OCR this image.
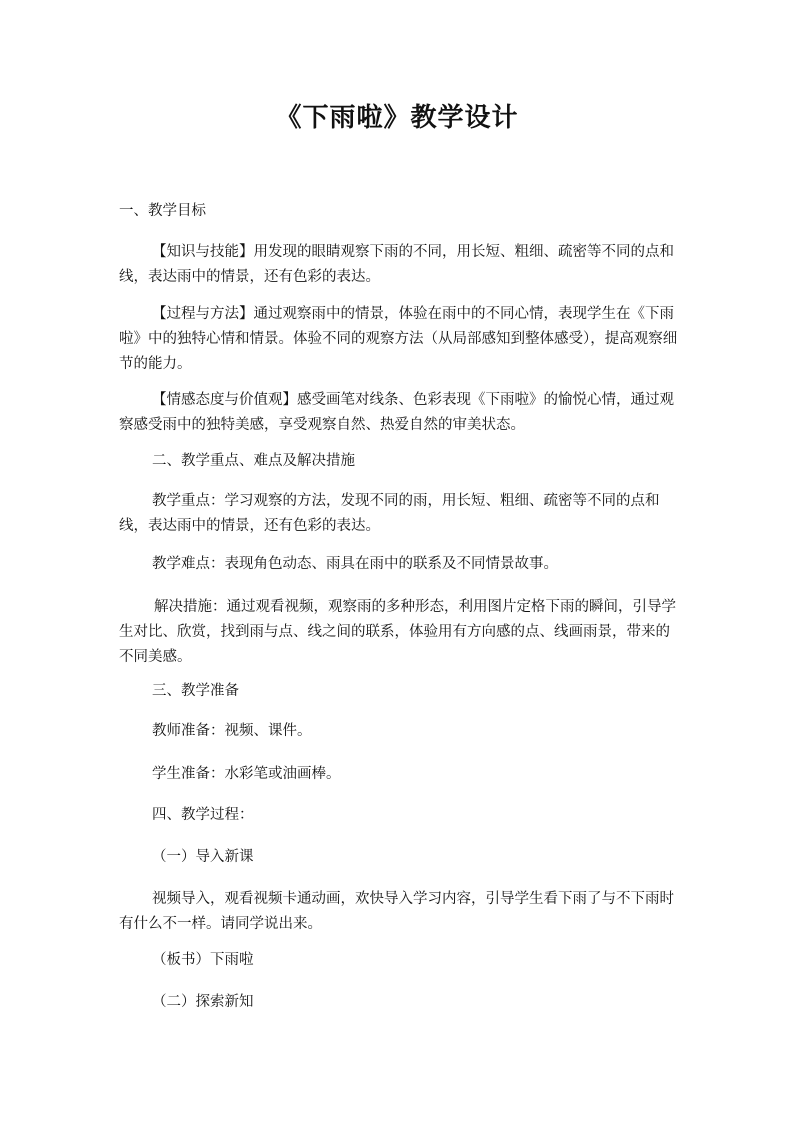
《下雨啦》教学设计
一、教学目标
【知识与技能】用发现的眼睛观察下雨的不同，用长短、粗细、疏密等不同的点和线，表达雨中的情景，还有色彩的表达。
【过程与方法】通过观察雨中的情景，体验在雨中的不同心情，表现学生在《下雨啦》中的独特心情和情景。体验不同的观察方法（从局部感知到整体感受），提高观察细节的能力。
【情感态度与价值观】感受画笔对线条、色彩表现《下雨啦》的愉悦心情，通过观察感受雨中的独特美感，享受观察自然、热爱自然的审美状态。
二、教学重点、难点及解决措施
教学重点：学习观察的方法，发现不同的雨，用长短、粗细、疏密等不同的点和线，表达雨中的情景，还有色彩的表达。
教学难点：表现角色动态、雨具在雨中的联系及不同情景故事。
解决措施：通过观看视频，观察雨的多种形态，利用图片定格下雨的瞬间，引导学生对比、欣赏，找到雨与点、线之间的联系，体验用有方向感的点、线画雨景，带来的不同美感。
三、教学准备
教师准备：视频、课件。
学生准备：水彩笔或油画棒。
四、教学过程：
（一）导入新课
视频导入，观看视频卡通动画，欢快导入学习内容，引导学生看下雨了与不下雨时有什么不一样。请同学说出来。
（板书）下雨啦
（二）探索新知
